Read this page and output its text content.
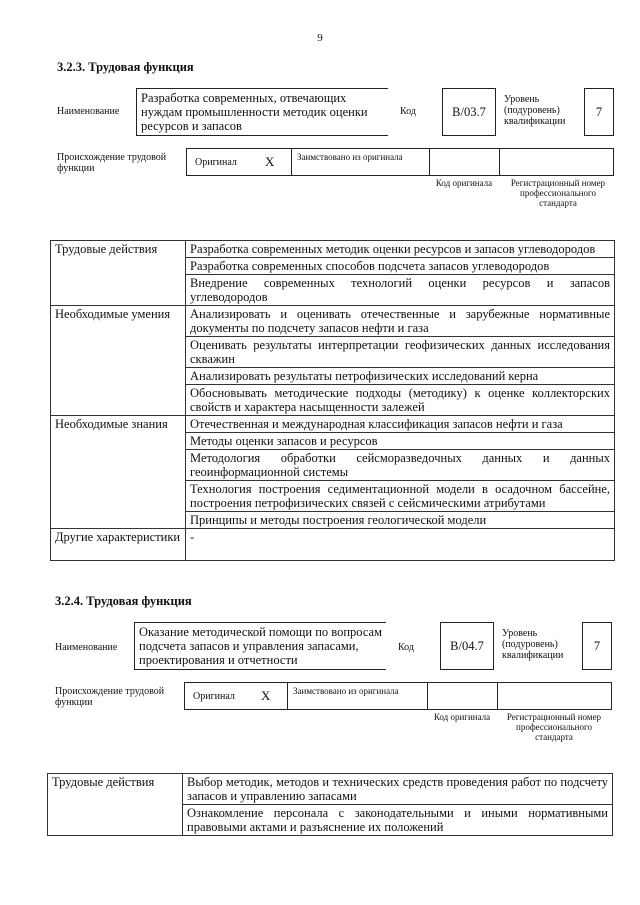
9
3.2.3. Трудовая функция
Наименование
Разработка современных, отвечающих нуждам промышленности методик оценки ресурсов и запасов
Код	B/03.7
Уровень (подуровень) квалификации
7
Происхождение трудовой функции
Оригинал X	Заимствовано из оригинала
Код оригинала	Регистрационный номер профессионального стандарта
Трудовые действия	Разработка современных методик оценки ресурсов и запасов углеводородов
	Разработка современных способов подсчета запасов углеводородов
	Внедрение современных технологий оценки ресурсов и запасов углеводородов
Необходимые умения	Анализировать и оценивать отечественные и зарубежные нормативные документы по подсчету запасов нефти и газа
	Оценивать результаты интерпретации геофизических данных исследования скважин
	Анализировать результаты петрофизических исследований керна
	Обосновывать методические подходы (методику) к оценке коллекторских свойств и характера насыщенности залежей
Необходимые знания	Отечественная и международная классификация запасов нефти и газа
	Методы оценки запасов и ресурсов
	Методология обработки сейсморазведочных данных и данных геоинформационной системы
	Технология построения седиментационной модели в осадочном бассейне, построения петрофизических связей с сейсмическими атрибутами
	Принципы и методы построения геологической модели
Другие характеристики	-
3.2.4. Трудовая функция
Наименование
Оказание методической помощи по вопросам подсчета запасов и управления запасами, проектирования и отчетности
Код	B/04.7
Уровень (подуровень) квалификации
7
Происхождение трудовой функции
Оригинал X	Заимствовано из оригинала
Код оригинала	Регистрационный номер профессионального стандарта
Трудовые действия	Выбор методик, методов и технических средств проведения работ по подсчету запасов и управлению запасами
	Ознакомление персонала с законодательными и иными нормативными правовыми актами и разъяснение их положений
